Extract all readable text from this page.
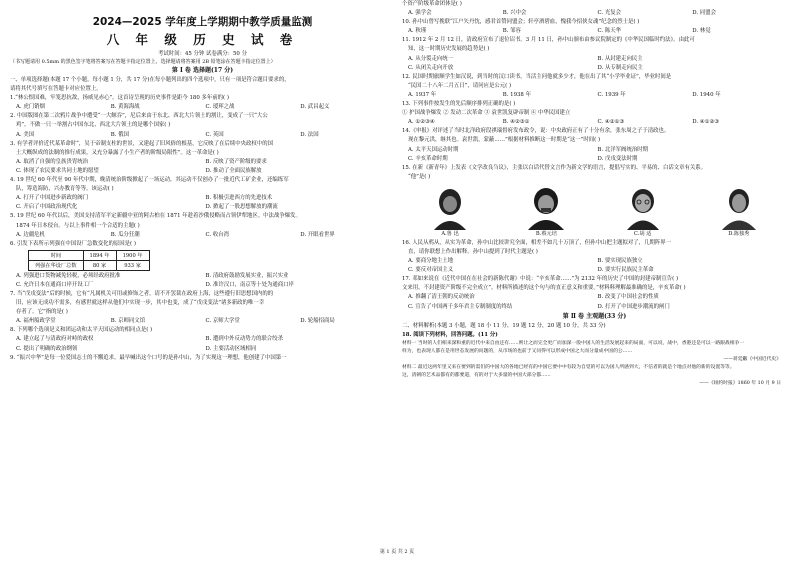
2024—2025 学年度上学期期中教学质量监测
八 年 级 历 史 试 卷
考试时间：45 分钟 试卷满分：50 分
（书写题请用 0.5mm 的黑色签字笔将答案写在答题卡指定位置上，选择题请将答案用 2B 铅笔涂在答题卡指定位置上）
第 Ⅰ 卷 选择题(17 分)
一、单项选择题(本题 17 个小题，每小题 1 分，共 17 分)在每小题列出的四个选项中，只有一项是符合题目要求的，
请将其代号填写在答题卡对应位置上。
1.“林公恨国难，牢笼思抗敌，扬威见赤心”。这首诗呈现的历史事件是距今 180 多年前的( )
A. 虎门销烟	B. 黄海海战	C. 瑷珲之战	D. 武昌起义
2. 中国版图在第二次鸦片战争中遭受“一大鲸吞”，尼后来由于东北、西北大片领土的割让，变成了一只“大公
鸡”，不做一只一举割占中国东北、西北大片领土的是哪个国家( )
A. 美国	B. 俄国	C. 英国	D. 法国
3. 有学者评价近代某革命时“，吴于帝制支柱的世景，又建起了旧风俗的根基，它反映了在后续中央政权中的国
土大概纵成的法制的推行成果，又充分暴露了小生产者的阶级局限性”。这一革命是( )
A. 取消了自强的皇族贵胄统治	B. 反映了资产阶级的要求
C. 体现了农民要求共同土地的愿望	D. 推动了全面民族解放
4. 19 世纪 60 年代至 90 年代中期，晚清统治阶级掀起了一场运动，其运动不仅创办了一批近代工矿企业，还编练军
队，筹造海防，兴办教育等等。该运动( )
A. 打开了中国进步新政的阀门	B. 积极引进西方的先进技术
C. 开启了中国政治现代化	D. 掀起了一股思想解放的潮流
5. 19 世纪 60 年代以后，美国支持清军平定新疆中亚的阿古柏在 1871 年趁着沙俄侵略而占领伊犁地区。中法战争爆发。
1874 年日本侵台。与以上事件相一个合适的主题( )
A. 边疆危机	B. 瓜分狂潮	C. 收台湾	D. 开眼看世界
6. 引发下表所示列强在中国设厂急数变化的原因是( )
时间	1894 年	1900 年
列强在华设厂总数	80 家	933 家
A. 列强进口货物减免轻税，必须经政府批准	B. 清政府鼓励发展实业，振兴实业
C. 允许日本在通商口岸开设工厂	D. 准许汉口，南京等十处为通商口岸
7. 当“戊戌变法”后的时候，它有“凡属机关可用或修饰之者，请不开罢裁在政府上海，这些遵行旧思想国内的的
旧，应该无成功不需多，有感世就这样从他们中实现一步，其中也变，成了“戊戌变法”诸多新政的唯一幸
存者了。它”指的是( )
A. 福州船政学堂	B. 京师同文馆	C. 京师大学堂	D. 轮船招商局
8. 下列哪个选项是义和团运动和太平天国运动的相同点是( )
A. 建立起了与清政府对峙的政权	B. 遭到中外反动势力的联合绞杀
C. 提出了明确的政治纲领	D. 主要活动区域相同
9. “振兴中华”是每一位爱国志士的不懈追求。最早喊出这个口号的是孙中山，为了实现这一理想，他创建了中国第一
个资产阶级革命团体是( )
A. 强学会	B. 兴中会	C. 光复会	D. 同盟会
10. 孙中山曾写挽联“江户矢丹忱，感君首赞同盟会；轩亭酒碧血，愧我今招侠女魂”纪念的烈士是( )
A. 秋瑾	B. 邹容	C. 陈天华	D. 林觉
11. 1912 年 2 月 12 日，清政府宣布了退位诏书。3 月 11 日，孙中山颁布由参议院制定的《中华民国临时约法》。由此可
知，这一时期历史发展的趋势是( )
A. 从分裂走向统一	B. 从封建走向民主
C. 从闭关走向开放	D. 从专制走向民主
12. 民国时期旅顺学生如汉说，到当时的汉口读书，当活主问他就多少才，他在出了其“小学毕业证”，毕业时间是
“民国二十八年二月五日”，请问应是公元( )
A. 1937 年	B. 1938 年	C. 1939 年	D. 1940 年
13. 下列事件按发生的先后顺序排列正确的是( )
① 护国战争爆发 ② 发动二次革命 ③ 袁世凯复辟帝制 ④ 中华民国建立
A. ①②③④	B. ④②③①	C. ④②①③	D. ④①②③
14.《申报》对评述了当时北洋政府段祺瑞督府发布政令，说：中央政府正有了十分有余，张东周之子于清政也。
现在黎元洪，继其也。袁世凯，蒙蔽……”根据材料推断这一时期是“这一”时间( )
A. 太平天国运动时期	B. 北洋军阀统治时期
C. 辛亥革命时期	D. 戊戌变法时期
15. 在新《新青年》上发表《文学改良刍议》，主张以白话代替文言作为新文学的语言，提倡写实的、平易的、白话文章有关系。
“他”是( )
A.鲁 迅	B.蔡元培	C.胡 适	D.陈独秀
16. 人民从鸦从，从实为革命，孙中山比较讲究全面，相差不如几十万顶了，但孙中山把主题拟对了，几期阵界一
直，请你联想上作出解释。孙中山提到了时代主题是( )
A. 要商分地主土地	B. 要实现民族独立
C. 要反对帝国主义	D. 要实行民族民主革命
17. 邓如来说在《近代中国在在社会的新陈代谢》中说：“辛亥革命……”为 2132 年的历史了中国的封建帝制宣告( )
文来用，不封建资产阶级不完全成立”。材料所描述的这个句与的直正意义和重要。”材料料理解最准确的是，辛亥革命( )
A. 推翻了清王朝的反动统治	B. 改变了中国社会的性质
C. 宣告了中国两千多年君主专制制度的终结	D. 打开了中国进步潮流的闸门
第 Ⅱ 卷 主观题(33 分)
二、材料解析(本题 3 小题，题 18 小 11 分，19 题 12 分，20 题 10 分，共 33 分)
18. 阅读下列材料，回答问题。(11 分)
材料一 当时的人们相来深和重的近代中来自由还有……则让之而完全更广而加深一般中国人的生活发展起来的局面，可以说，战中，香港还是可以一路跟战相争一
样为，也表现人都在是用世态发展的问题的，从市场的也前于又问得可以形成中国之大而分量成中国的公……
——蒋廷黻《中国近代史》
材料二 最近这两年里又来在要到的需们的中国大的各地已经有的中国它要中中有较为自觉的可以为国人所感到大，不信者的就是个地点对他的新的设置等等。
这，清朝的艺术品都有的都要道，有的对于大多量的中国大部分都……
——《纽约时报》1860 年 10 月 9 日
第 1 页 共 2 页
